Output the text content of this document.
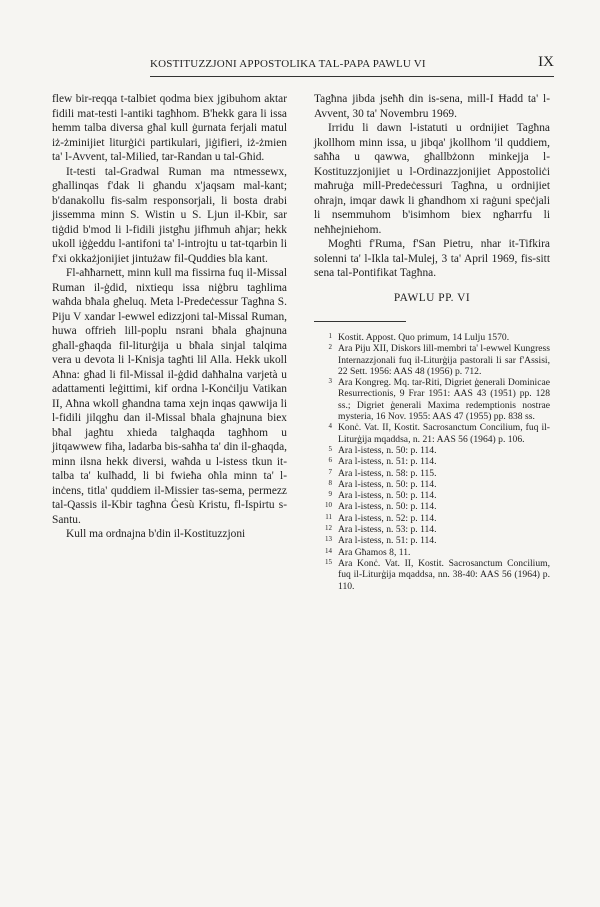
KOSTITUZZJONI APPOSTOLIKA TAL-PAPA PAWLU VI	IX

flew bir-reqqa t-talbiet qodma biex jgibuhom aktar fidili mat-testi l-antiki tagħhom. B'hekk gara li issa hemm talba diversa għal kull ġurnata ferjali matul iż-żminijiet liturġiċi partikulari, jiġifieri, iż-żmien ta' l-Avvent, tal-Milied, tar-Randan u tal-Għid.

It-testi tal-Gradwal Ruman ma ntmessewx, għallinqas f'dak li għandu x'jaqsam mal-kant; b'danakollu fis-salm responsorjali, li bosta drabi jissemma minn S. Wistin u S. Ljun il-Kbir, sar tiġdid b'mod li l-fidili jistgħu jifhmuh aħjar; hekk ukoll iġġeddu l-antifoni ta' l-introjtu u tat-tqarbin li f'xi okkażjonijiet jintużaw fil-Quddies bla kant.

Fl-aħħarnett, minn kull ma fissirna fuq il-Missal Ruman il-ġdid, nixtiequ issa niġbru taghlima waħda bħala għeluq. Meta l-Predeċessur Tagħna S. Piju V xandar l-ewwel edizzjoni tal-Missal Ruman, huwa offrieh lill-poplu nsrani bħala għajnuna għall-għaqda fil-liturġija u bħala sinjal talqima vera u devota li l-Knisja tagħti lil Alla. Hekk ukoll Aħna: għad li fil-Missal il-ġdid daħħalna varjetà u adattamenti leġittimi, kif ordna l-Konċilju Vatikan II, Aħna wkoll għandna tama xejn inqas qawwija li l-fidili jilqgħu dan il-Missal bħala għajnuna biex bħal jagħtu xhieda talgħaqda tagħhom u jitqawwew fiha, ladarba bis-saħħa ta' din il-għaqda, minn ilsna hekk diversi, waħda u l-istess tkun it-talba ta' kulħadd, li bi fwieħa oħla minn ta' l-inċens, titla' quddiem il-Missier tas-sema, permezz tal-Qassis il-Kbir tagħna Ġesù Kristu, fl-Ispirtu s-Santu.

Kull ma ordnajna b'din il-Kostituzzjoni

Tagħna jibda jseħħ din is-sena, mill-I Ħadd ta' l-Avvent, 30 ta' Novembru 1969.

Irridu li dawn l-istatuti u ordnijiet Tagħna jkollhom minn issa, u jibqa' jkollhom 'il quddiem, saħħa u qawwa, għallbżonn minkejja l-Kostituzzjonijiet u l-Ordinazzjonijiet Appostoliċi maħruġa mill-Predeċessuri Tagħna, u ordnijiet oħrajn, imqar dawk li għandhom xi raġuni speċjali li nsemmuhom b'isimhom biex ngħarrfu li neħħejniehom.

Mogħti f'Ruma, f'San Pietru, nhar it-Tifkira solenni ta' l-Ikla tal-Mulej, 3 ta' April 1969, fis-sitt sena tal-Pontifikat Tagħna.

PAWLU PP. VI
1 Kostit. Appost. Quo primum, 14 Lulju 1570.
2 Ara Piju XII, Diskors lill-membri ta' l-ewwel Kungress Internazzjonali fuq il-Liturġija pastorali li sar f'Assisi, 22 Sett. 1956: AAS 48 (1956) p. 712.
3 Ara Kongreg. Mq. tar-Riti, Digriet ġenerali Dominicae Resurrectionis, 9 Frar 1951: AAS 43 (1951) pp. 128 ss.; Digriet ġenerali Maxima redemptionis nostrae mysteria, 16 Nov. 1955: AAS 47 (1955) pp. 838 ss.
4 Konċ. Vat. II, Kostit. Sacrosanctum Concilium, fuq il-Liturġija mqaddsa, n. 21: AAS 56 (1964) p. 106.
5 Ara l-istess, n. 50: p. 114.
6 Ara l-istess, n. 51: p. 114.
7 Ara l-istess, n. 58: p. 115.
8 Ara l-istess, n. 50: p. 114.
9 Ara l-istess, n. 50: p. 114.
10 Ara l-istess, n. 50: p. 114.
11 Ara l-istess, n. 52: p. 114.
12 Ara l-istess, n. 53: p. 114.
13 Ara l-istess, n. 51: p. 114.
14 Ara Għamos 8, 11.
15 Ara Konċ. Vat. II, Kostit. Sacrosanctum Concilium, fuq il-Liturġija mqaddsa, nn. 38-40: AAS 56 (1964) p. 110.
